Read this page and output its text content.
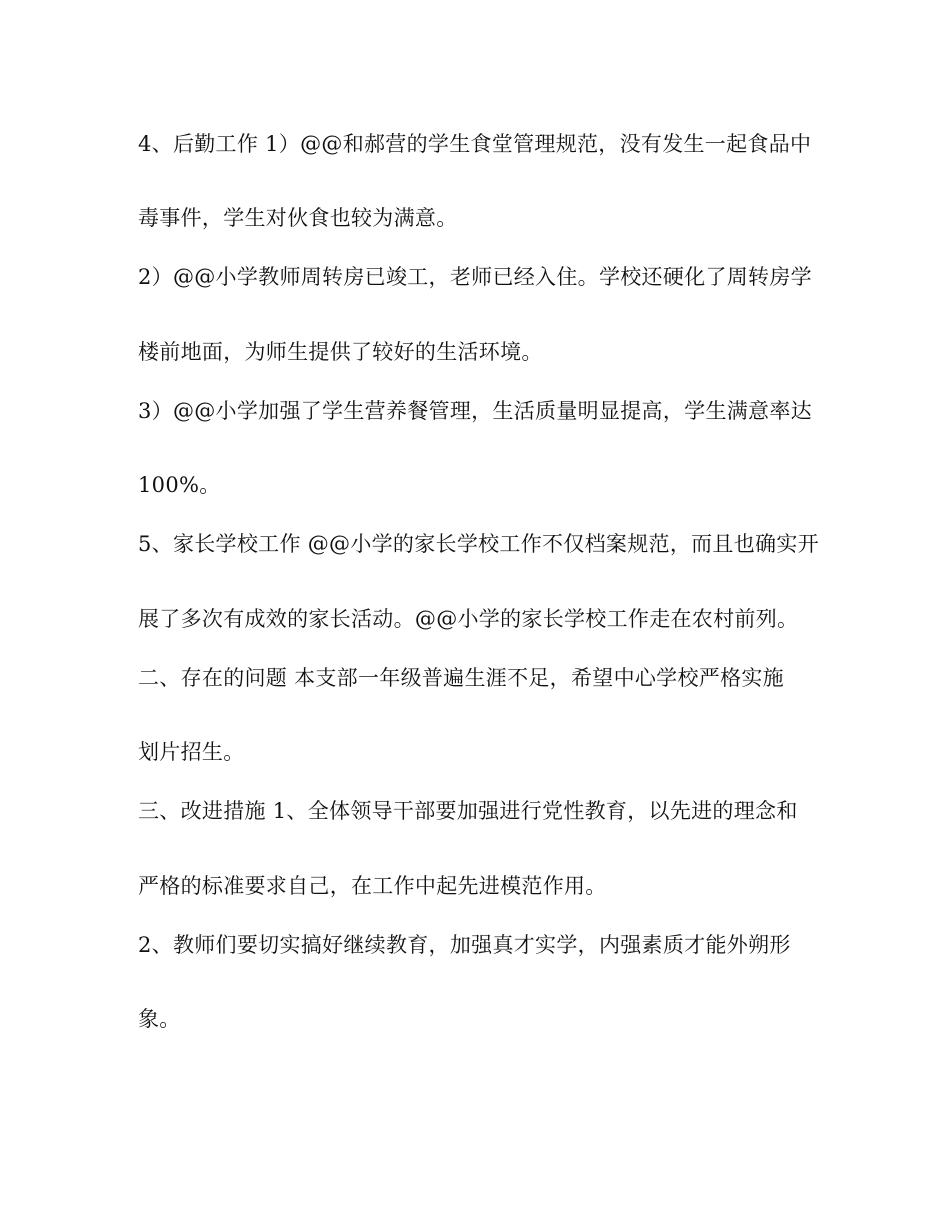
4、后勤工作 1）@@和郝营的学生食堂管理规范，没有发生一起食品中
毒事件，学生对伙食也较为满意。
2）@@小学教师周转房已竣工，老师已经入住。学校还硬化了周转房学
楼前地面，为师生提供了较好的生活环境。
3）@@小学加强了学生营养餐管理，生活质量明显提高，学生满意率达
100%。
5、家长学校工作 @@小学的家长学校工作不仅档案规范，而且也确实开
展了多次有成效的家长活动。@@小学的家长学校工作走在农村前列。
二、存在的问题 本支部一年级普遍生涯不足，希望中心学校严格实施
划片招生。
三、改进措施 1、全体领导干部要加强进行党性教育，以先进的理念和
严格的标准要求自己，在工作中起先进模范作用。
2、教师们要切实搞好继续教育，加强真才实学，内强素质才能外朔形
象。
